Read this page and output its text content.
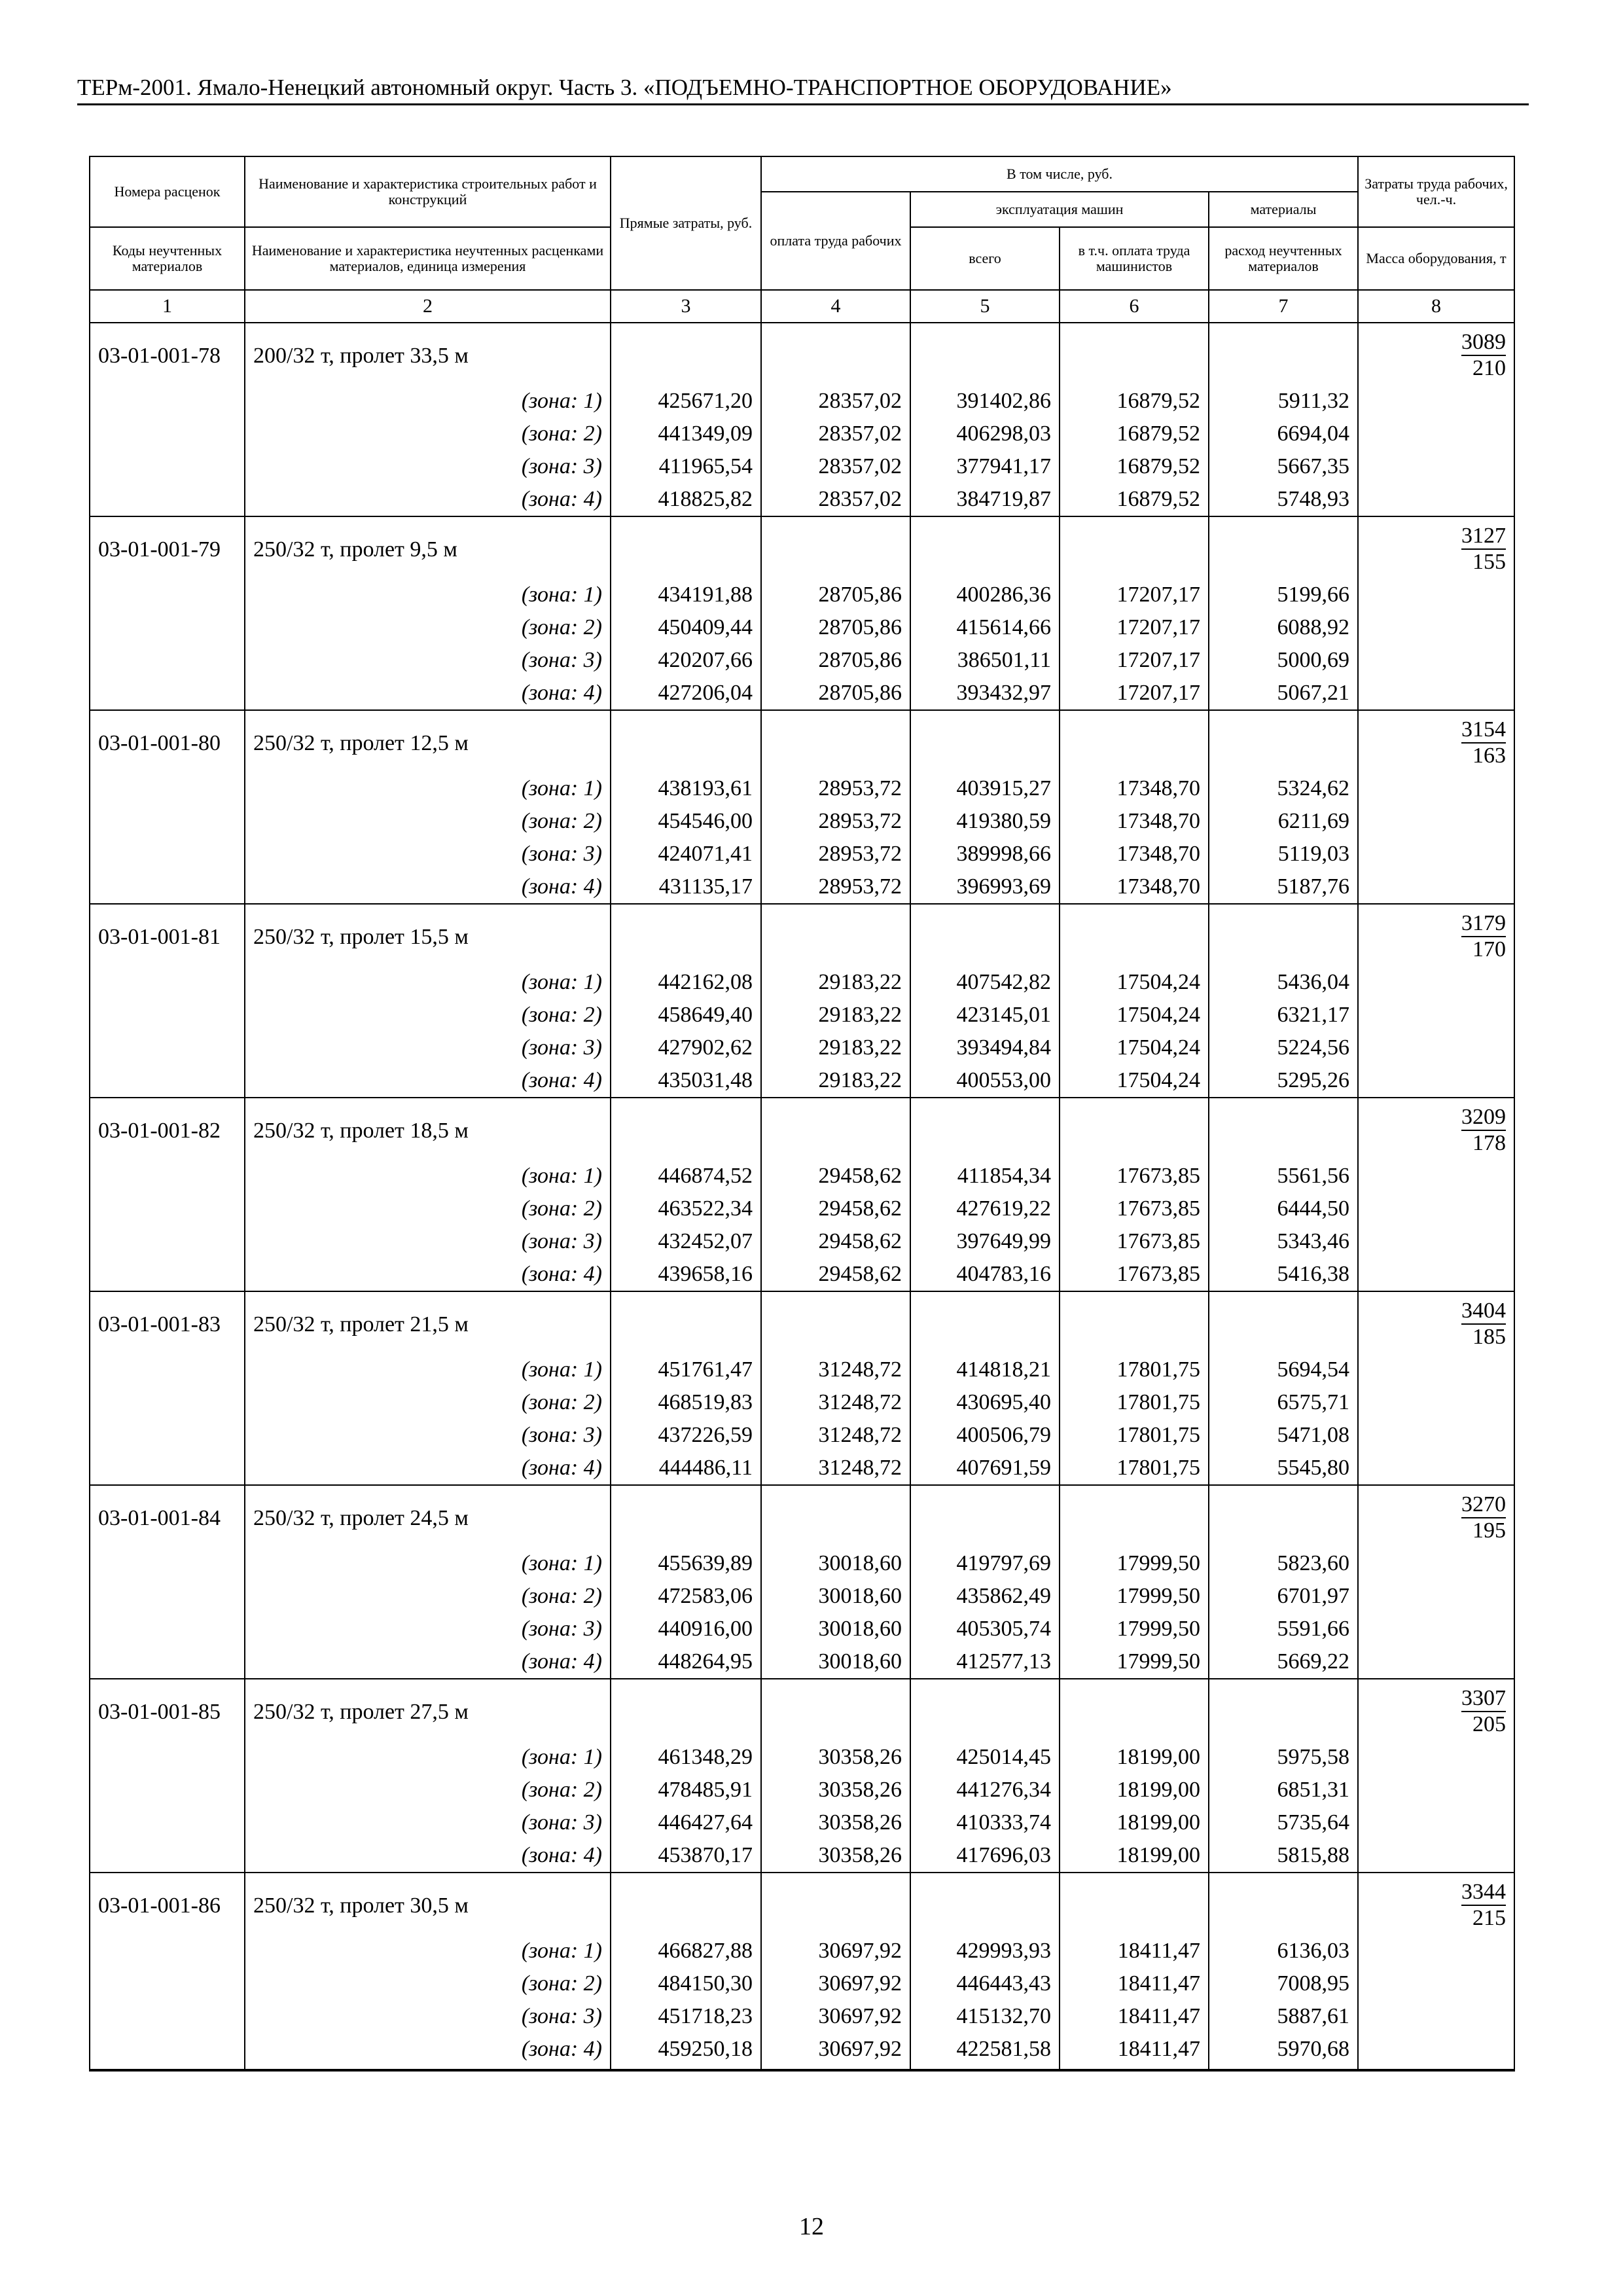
ТЕРм-2001. Ямало-Ненецкий автономный округ. Часть 3. «ПОДЪЕМНО-ТРАНСПОРТНОЕ ОБОРУДОВАНИЕ»
Номера расценок	Наименование и характеристика строительных работ и конструкций	Прямые затраты, руб.	В том числе, руб.				Затраты труда рабочих, чел.-ч.
			оплата труда рабочих	эксплуатация машин		материалы	
Коды неучтенных материалов	Наименование и характеристика неучтенных расценками материалов, единица измерения			всего	в т.ч. оплата труда машинистов	расход неучтенных материалов	Масса оборудования, т
1	2	3	4	5	6	7	8
03-01-001-78	200/32 т, пролет 33,5 м						$\frac{3089}{210}$

	(зона: 1)	425671,20	28357,02	391402,86	16879,52	5911,32	
	(зона: 2)	441349,09	28357,02	406298,03	16879,52	6694,04	
	(зона: 3)	411965,54	28357,02	377941,17	16879,52	5667,35	
	(зона: 4)	418825,82	28357,02	384719,87	16879,52	5748,93	
03-01-001-79	250/32 т, пролет 9,5 м						$\frac{3127}{155}$

	(зона: 1)	434191,88	28705,86	400286,36	17207,17	5199,66	
	(зона: 2)	450409,44	28705,86	415614,66	17207,17	6088,92	
	(зона: 3)	420207,66	28705,86	386501,11	17207,17	5000,69	
	(зона: 4)	427206,04	28705,86	393432,97	17207,17	5067,21	
03-01-001-80	250/32 т, пролет 12,5 м						$\frac{3154}{163}$

	(зона: 1)	438193,61	28953,72	403915,27	17348,70	5324,62	
	(зона: 2)	454546,00	28953,72	419380,59	17348,70	6211,69	
	(зона: 3)	424071,41	28953,72	389998,66	17348,70	5119,03	
	(зона: 4)	431135,17	28953,72	396993,69	17348,70	5187,76	
03-01-001-81	250/32 т, пролет 15,5 м						$\frac{3179}{170}$

	(зона: 1)	442162,08	29183,22	407542,82	17504,24	5436,04	
	(зона: 2)	458649,40	29183,22	423145,01	17504,24	6321,17	
	(зона: 3)	427902,62	29183,22	393494,84	17504,24	5224,56	
	(зона: 4)	435031,48	29183,22	400553,00	17504,24	5295,26	
03-01-001-82	250/32 т, пролет 18,5 м						$\frac{3209}{178}$

	(зона: 1)	446874,52	29458,62	411854,34	17673,85	5561,56	
	(зона: 2)	463522,34	29458,62	427619,22	17673,85	6444,50	
	(зона: 3)	432452,07	29458,62	397649,99	17673,85	5343,46	
	(зона: 4)	439658,16	29458,62	404783,16	17673,85	5416,38	
03-01-001-83	250/32 т, пролет 21,5 м						$\frac{3404}{185}$

	(зона: 1)	451761,47	31248,72	414818,21	17801,75	5694,54	
	(зона: 2)	468519,83	31248,72	430695,40	17801,75	6575,71	
	(зона: 3)	437226,59	31248,72	400506,79	17801,75	5471,08	
	(зона: 4)	444486,11	31248,72	407691,59	17801,75	5545,80	
03-01-001-84	250/32 т, пролет 24,5 м						$\frac{3270}{195}$

	(зона: 1)	455639,89	30018,60	419797,69	17999,50	5823,60	
	(зона: 2)	472583,06	30018,60	435862,49	17999,50	6701,97	
	(зона: 3)	440916,00	30018,60	405305,74	17999,50	5591,66	
	(зона: 4)	448264,95	30018,60	412577,13	17999,50	5669,22	
03-01-001-85	250/32 т, пролет 27,5 м						$\frac{3307}{205}$

	(зона: 1)	461348,29	30358,26	425014,45	18199,00	5975,58	
	(зона: 2)	478485,91	30358,26	441276,34	18199,00	6851,31	
	(зона: 3)	446427,64	30358,26	410333,74	18199,00	5735,64	
	(зона: 4)	453870,17	30358,26	417696,03	18199,00	5815,88	
03-01-001-86	250/32 т, пролет 30,5 м						$\frac{3344}{215}$

	(зона: 1)	466827,88	30697,92	429993,93	18411,47	6136,03	
	(зона: 2)	484150,30	30697,92	446443,43	18411,47	7008,95	
	(зона: 3)	451718,23	30697,92	415132,70	18411,47	5887,61	
	(зона: 4)	459250,18	30697,92	422581,58	18411,47	5970,68	
12
